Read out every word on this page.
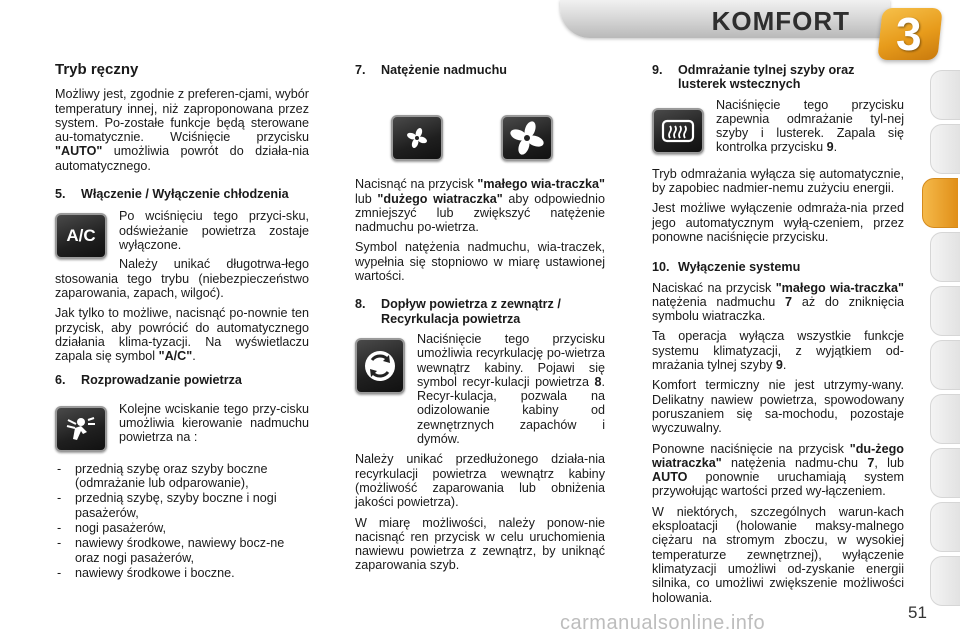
KOMFORT 3
Tryb ręczny

Możliwy jest, zgodnie z preferen-cjami, wybór temperatury innej, niż zaproponowana przez system. Po-zostałe funkcje będą sterowane au-tomatycznie. Wciśnięcie przycisku "AUTO" umożliwia powrót do działa-nia automatycznego.

5.	Włączenie / Wyłączenie chłodzenia
A/C

Po wciśnięciu tego przyci-sku, odświeżanie powietrza zostaje wyłączone.

Należy unikać długotrwa-łego stosowania tego trybu (niebezpieczeństwo zaparowania, zapach, wilgoć).

Jak tylko to możliwe, nacisnąć po-nownie ten przycisk, aby powrócić do automatycznego działania klima-tyzacji. Na wyświetlaczu zapala się symbol "A/C".

6.	Rozprowadzanie powietrza

Kolejne wciskanie tego przy-cisku umożliwia kierowanie nadmuchu powietrza na :

- przednią szybę oraz szyby boczne (odmrażanie lub odparowanie),
- przednią szybę, szyby boczne i nogi pasażerów,
- nogi pasażerów,
- nawiewy środkowe, nawiewy bocz-ne oraz nogi pasażerów,
- nawiewy środkowe i boczne.
7.	Natężenie nadmuchu

Nacisnąć na przycisk "małego wia-traczka" lub "dużego wiatraczka" aby odpowiednio zmniejszyć lub zwiększyć natężenie nadmuchu po-wietrza.

Symbol natężenia nadmuchu, wia-traczek, wypełnia się stopniowo w miarę ustawionej wartości.

8.	Dopływ powietrza z zewnątrz / Recyrkulacja powietrza

Naciśnięcie tego przycisku umożliwia recyrkulację po-wietrza wewnątrz kabiny. Pojawi się symbol recyr-kulacji powietrza 8. Recyr-kulacja, pozwala na odizolowanie kabiny od zewnętrznych zapachów i dymów.

Należy unikać przedłużonego działa-nia recyrkulacji powietrza wewnątrz kabiny (możliwość zaparowania lub obniżenia jakości powietrza).

W miarę możliwości, należy ponow-nie nacisnąć ren przycisk w celu uruchomienia nawiewu powietrza z zewnątrz, by uniknąć zaparowania szyb.

9.	Odmrażanie tylnej szyby oraz lusterek wstecznych

Naciśnięcie tego przycisku zapewnia odmrażanie tyl-nej szyby i lusterek. Zapala się kontrolka przycisku 9.

Tryb odmrażania wyłącza się automatycznie, by zapobiec nadmier-nemu zużyciu energii.

Jest możliwe wyłączenie odmraża-nia przed jego automatycznym wyłą-czeniem, przez ponowne naciśnięcie przycisku.

10. Wyłączenie systemu

Naciskać na przycisk "małego wia-traczka" natężenia nadmuchu 7 aż do zniknięcia symbolu wiatraczka.

Ta operacja wyłącza wszystkie funkcje systemu klimatyzacji, z wyjątkiem od-mrażania tylnej szyby 9.

Komfort termiczny nie jest utrzymy-wany. Delikatny nawiew powietrza, spowodowany poruszaniem się sa-mochodu, pozostaje wyczuwalny.

Ponowne naciśnięcie na przycisk "du-żego wiatraczka" natężenia nadmu-chu 7, lub AUTO ponownie uruchamiają system przywołując wartości przed wy-łączeniem.

W niektórych, szczególnych warun-kach eksploatacji (holowanie maksy-malnego ciężaru na stromym zboczu, w wysokiej temperaturze zewnętrznej), wyłączenie klimatyzacji umożliwi od-zyskanie energii silnika, co umożliwi zwiększenie możliwości holowania.

51
carmanualsonline.info
